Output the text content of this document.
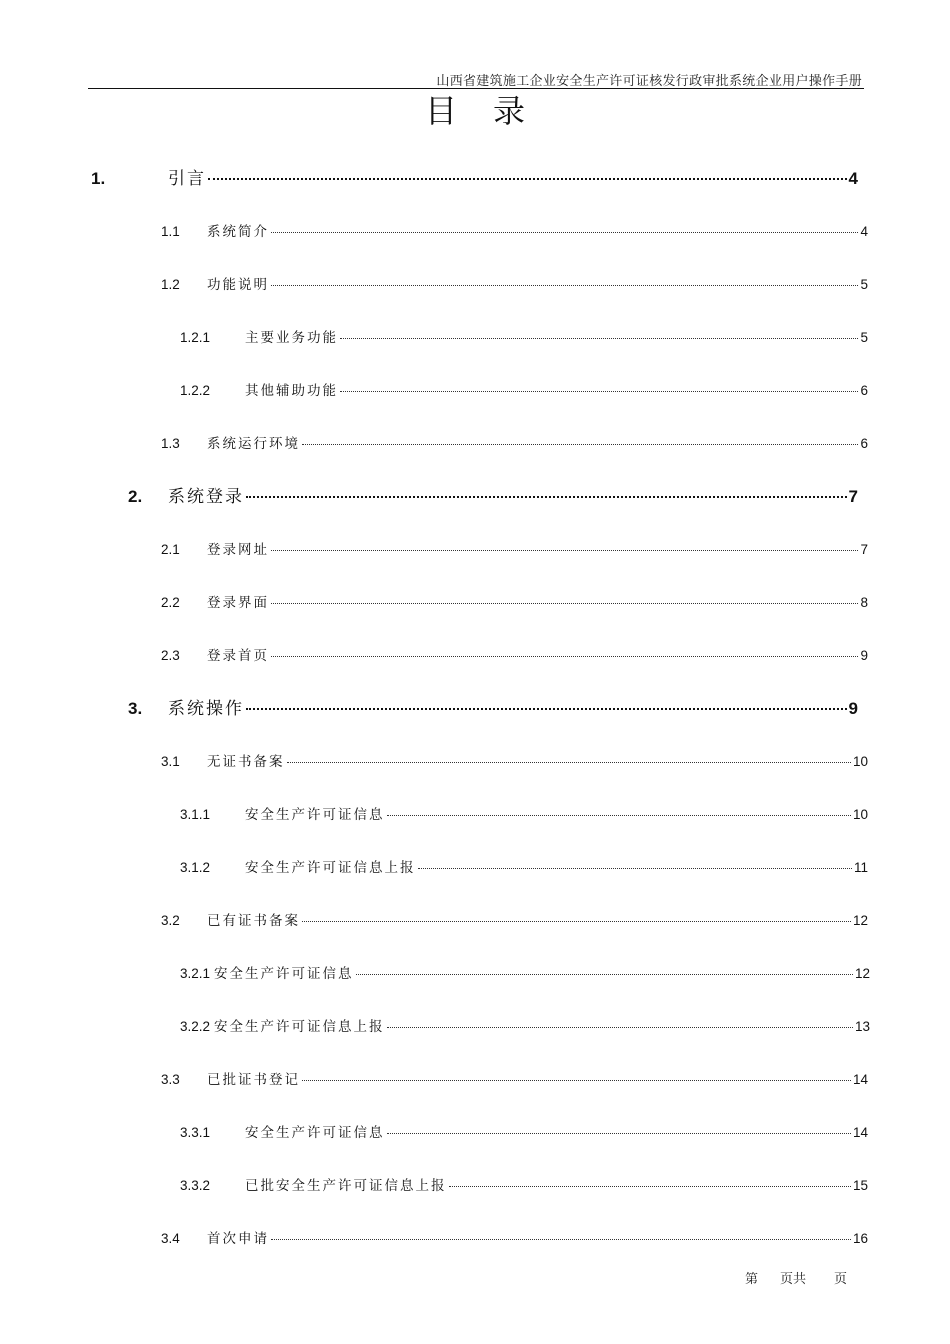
山西省建筑施工企业安全生产许可证核发行政审批系统企业用户操作手册
目录
1.	引言	4
1.1	系统简介	4
1.2	功能说明	5
1.2.1	主要业务功能	5
1.2.2	其他辅助功能	6
1.3	系统运行环境	6
2.	系统登录	7
2.1	登录网址	7
2.2	登录界面	8
2.3	登录首页	9
3.	系统操作	9
3.1	无证书备案	10
3.1.1	安全生产许可证信息	10
3.1.2	安全生产许可证信息上报	11
3.2	已有证书备案	12
3.2.1 安全生产许可证信息	12
3.2.2 安全生产许可证信息上报	13
3.3	已批证书登记	14
3.3.1	安全生产许可证信息	14
3.3.2	已批安全生产许可证信息上报	15
3.4	首次申请	16
第 页共 页
